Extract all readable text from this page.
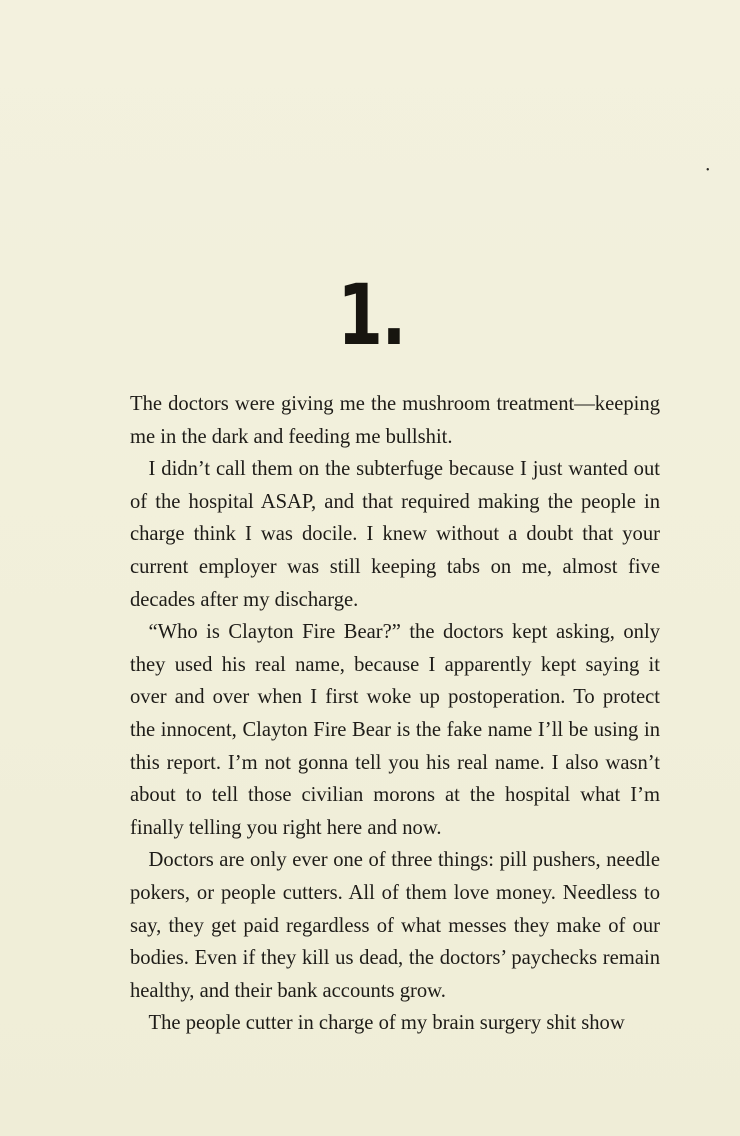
•
1.

The doctors were giving me the mushroom treatment—keeping me in the dark and feeding me bullshit.

I didn’t call them on the subterfuge because I just wanted out of the hospital ASAP, and that required making the people in charge think I was docile. I knew without a doubt that your current employer was still keeping tabs on me, almost five decades after my discharge.

“Who is Clayton Fire Bear?” the doctors kept asking, only they used his real name, because I apparently kept saying it over and over when I first woke up postoperation. To protect the innocent, Clayton Fire Bear is the fake name I’ll be using in this report. I’m not gonna tell you his real name. I also wasn’t about to tell those civilian morons at the hospital what I’m finally telling you right here and now.

Doctors are only ever one of three things: pill pushers, needle pokers, or people cutters. All of them love money. Needless to say, they get paid regardless of what messes they make of our bodies. Even if they kill us dead, the doctors’ paychecks remain healthy, and their bank accounts grow.

The people cutter in charge of my brain surgery shit show
